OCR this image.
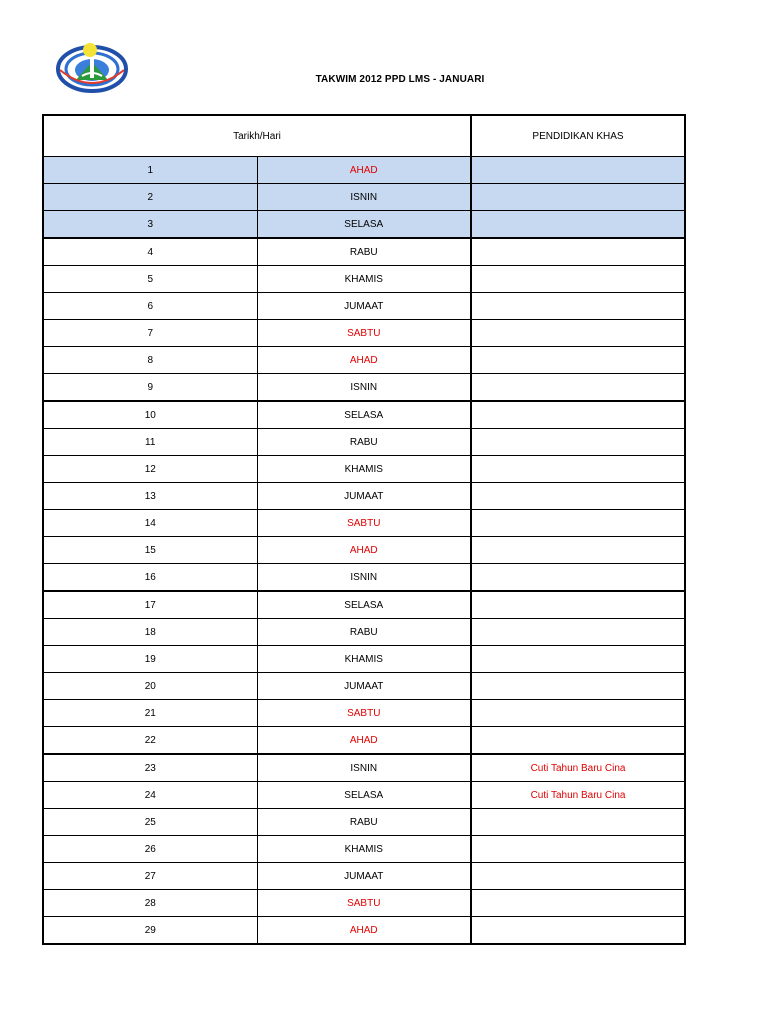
TAKWIM 2012 PPD LMS - JANUARI
Tarikh/Hari		PENDIDIKAN KHAS
1	AHAD	
2	ISNIN	
3	SELASA	
4	RABU	
5	KHAMIS	
6	JUMAAT	
7	SABTU	
8	AHAD	
9	ISNIN	
10	SELASA	
11	RABU	
12	KHAMIS	
13	JUMAAT	
14	SABTU	
15	AHAD	
16	ISNIN	
17	SELASA	
18	RABU	
19	KHAMIS	
20	JUMAAT	
21	SABTU	
22	AHAD	
23	ISNIN	Cuti Tahun Baru Cina
24	SELASA	Cuti Tahun Baru Cina
25	RABU	
26	KHAMIS	
27	JUMAAT	
28	SABTU	
29	AHAD	
